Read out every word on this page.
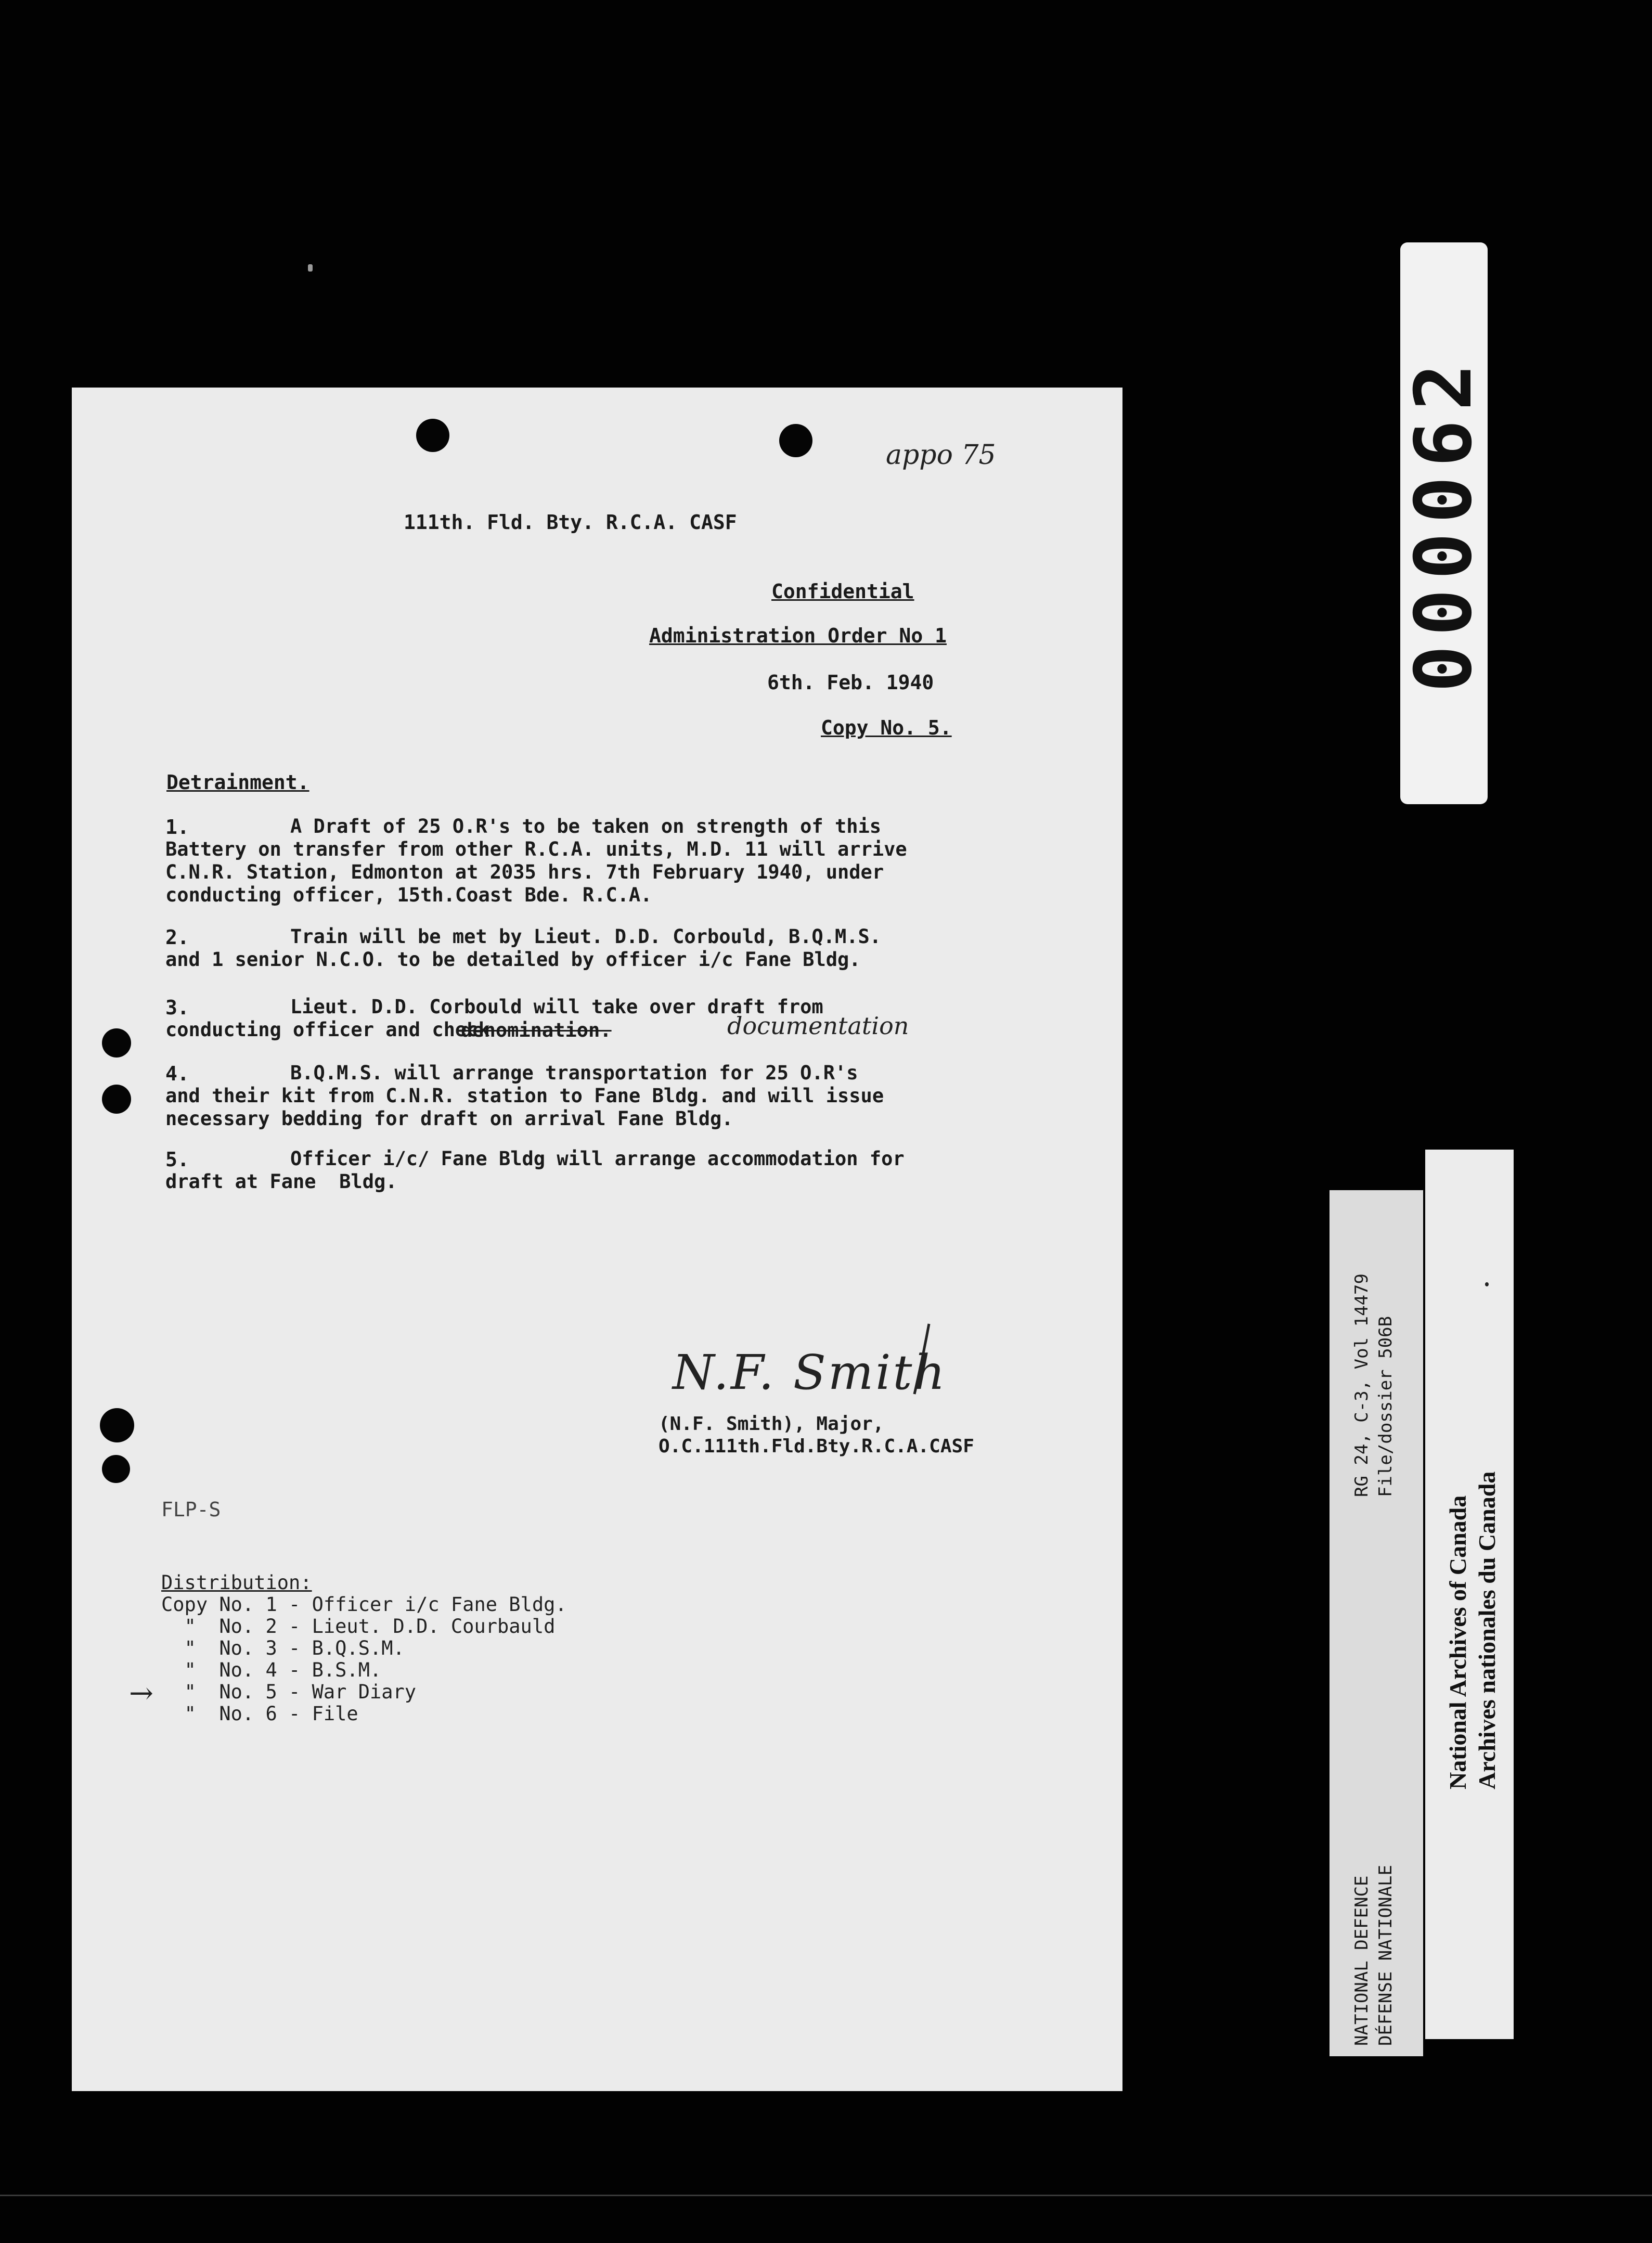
appo 75
111th. Fld. Bty. R.C.A. CASF
Confidential
Administration Order No 1
6th. Feb. 1940
Copy No. 5.
Detrainment.
1.	A Draft of 25 O.R's to be taken on strength of this
Battery on transfer from other R.C.A. units, M.D. 11 will arrive
C.N.R. Station, Edmonton at 2035 hrs. 7th February 1940, under
conducting officer, 15th.Coast Bde. R.C.A.
2.	Train will be met by Lieut. D.D. Corbould, B.Q.M.S.
and 1 senior N.C.O. to be detailed by officer i/c Fane Bldg.
3.	Lieut. D.D. Corbould will take over draft from
conducting officer and check
denomination.	documentation
4.	B.Q.M.S. will arrange transportation for 25 O.R's
and their kit from C.N.R. station to Fane Bldg. and will issue
necessary bedding for draft on arrival Fane Bldg.
5.	Officer i/c/ Fane Bldg will arrange accommodation for
draft at Fane  Bldg.
N.F. Smith
(N.F. Smith), Major,
O.C.111th.Fld.Bty.R.C.A.CASF
FLP-S
Distribution:
Copy No. 1 - Officer i/c Fane Bldg.
"  No. 2 - Lieut. D.D. Courbauld
"  No. 3 - B.Q.S.M.
"  No. 4 - B.S.M.
"  No. 5 - War Diary
"  No. 6 - File
→
000062
RG 24, C-3, Vol 14479 File/dossier 506B
NATIONAL DEFENCE DÉFENSE NATIONALE
National Archives of Canada Archives nationales du Canada
